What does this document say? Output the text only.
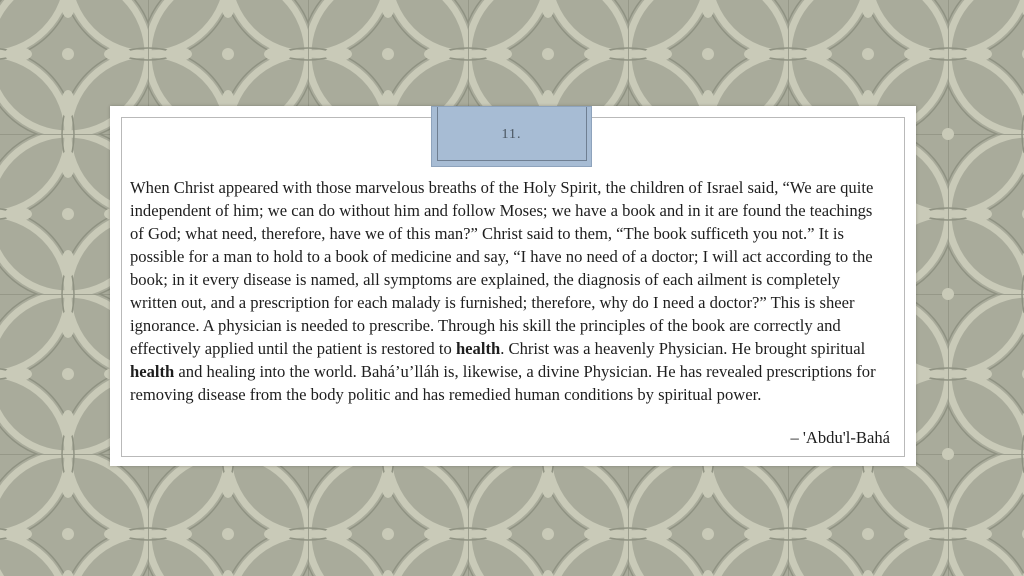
11.

When Christ appeared with those marvelous breaths of the Holy Spirit, the children of Israel said, “We are quite independent of him; we can do without him and follow Moses; we have a book and in it are found the teachings of God; what need, therefore, have we of this man?” Christ said to them, “The book sufficeth you not.” It is possible for a man to hold to a book of medicine and say, “I have no need of a doctor; I will act according to the book; in it every disease is named, all symptoms are explained, the diagnosis of each ailment is completely written out, and a prescription for each malady is furnished; therefore, why do I need a doctor?” This is sheer ignorance. A physician is needed to prescribe. Through his skill the principles of the book are correctly and effectively applied until the patient is restored to health. Christ was a heavenly Physician. He brought spiritual health and healing into the world. Bahá’u’lláh is, likewise, a divine Physician. He has revealed prescriptions for removing disease from the body politic and has remedied human conditions by spiritual power.

– 'Abdu'l-Bahá
